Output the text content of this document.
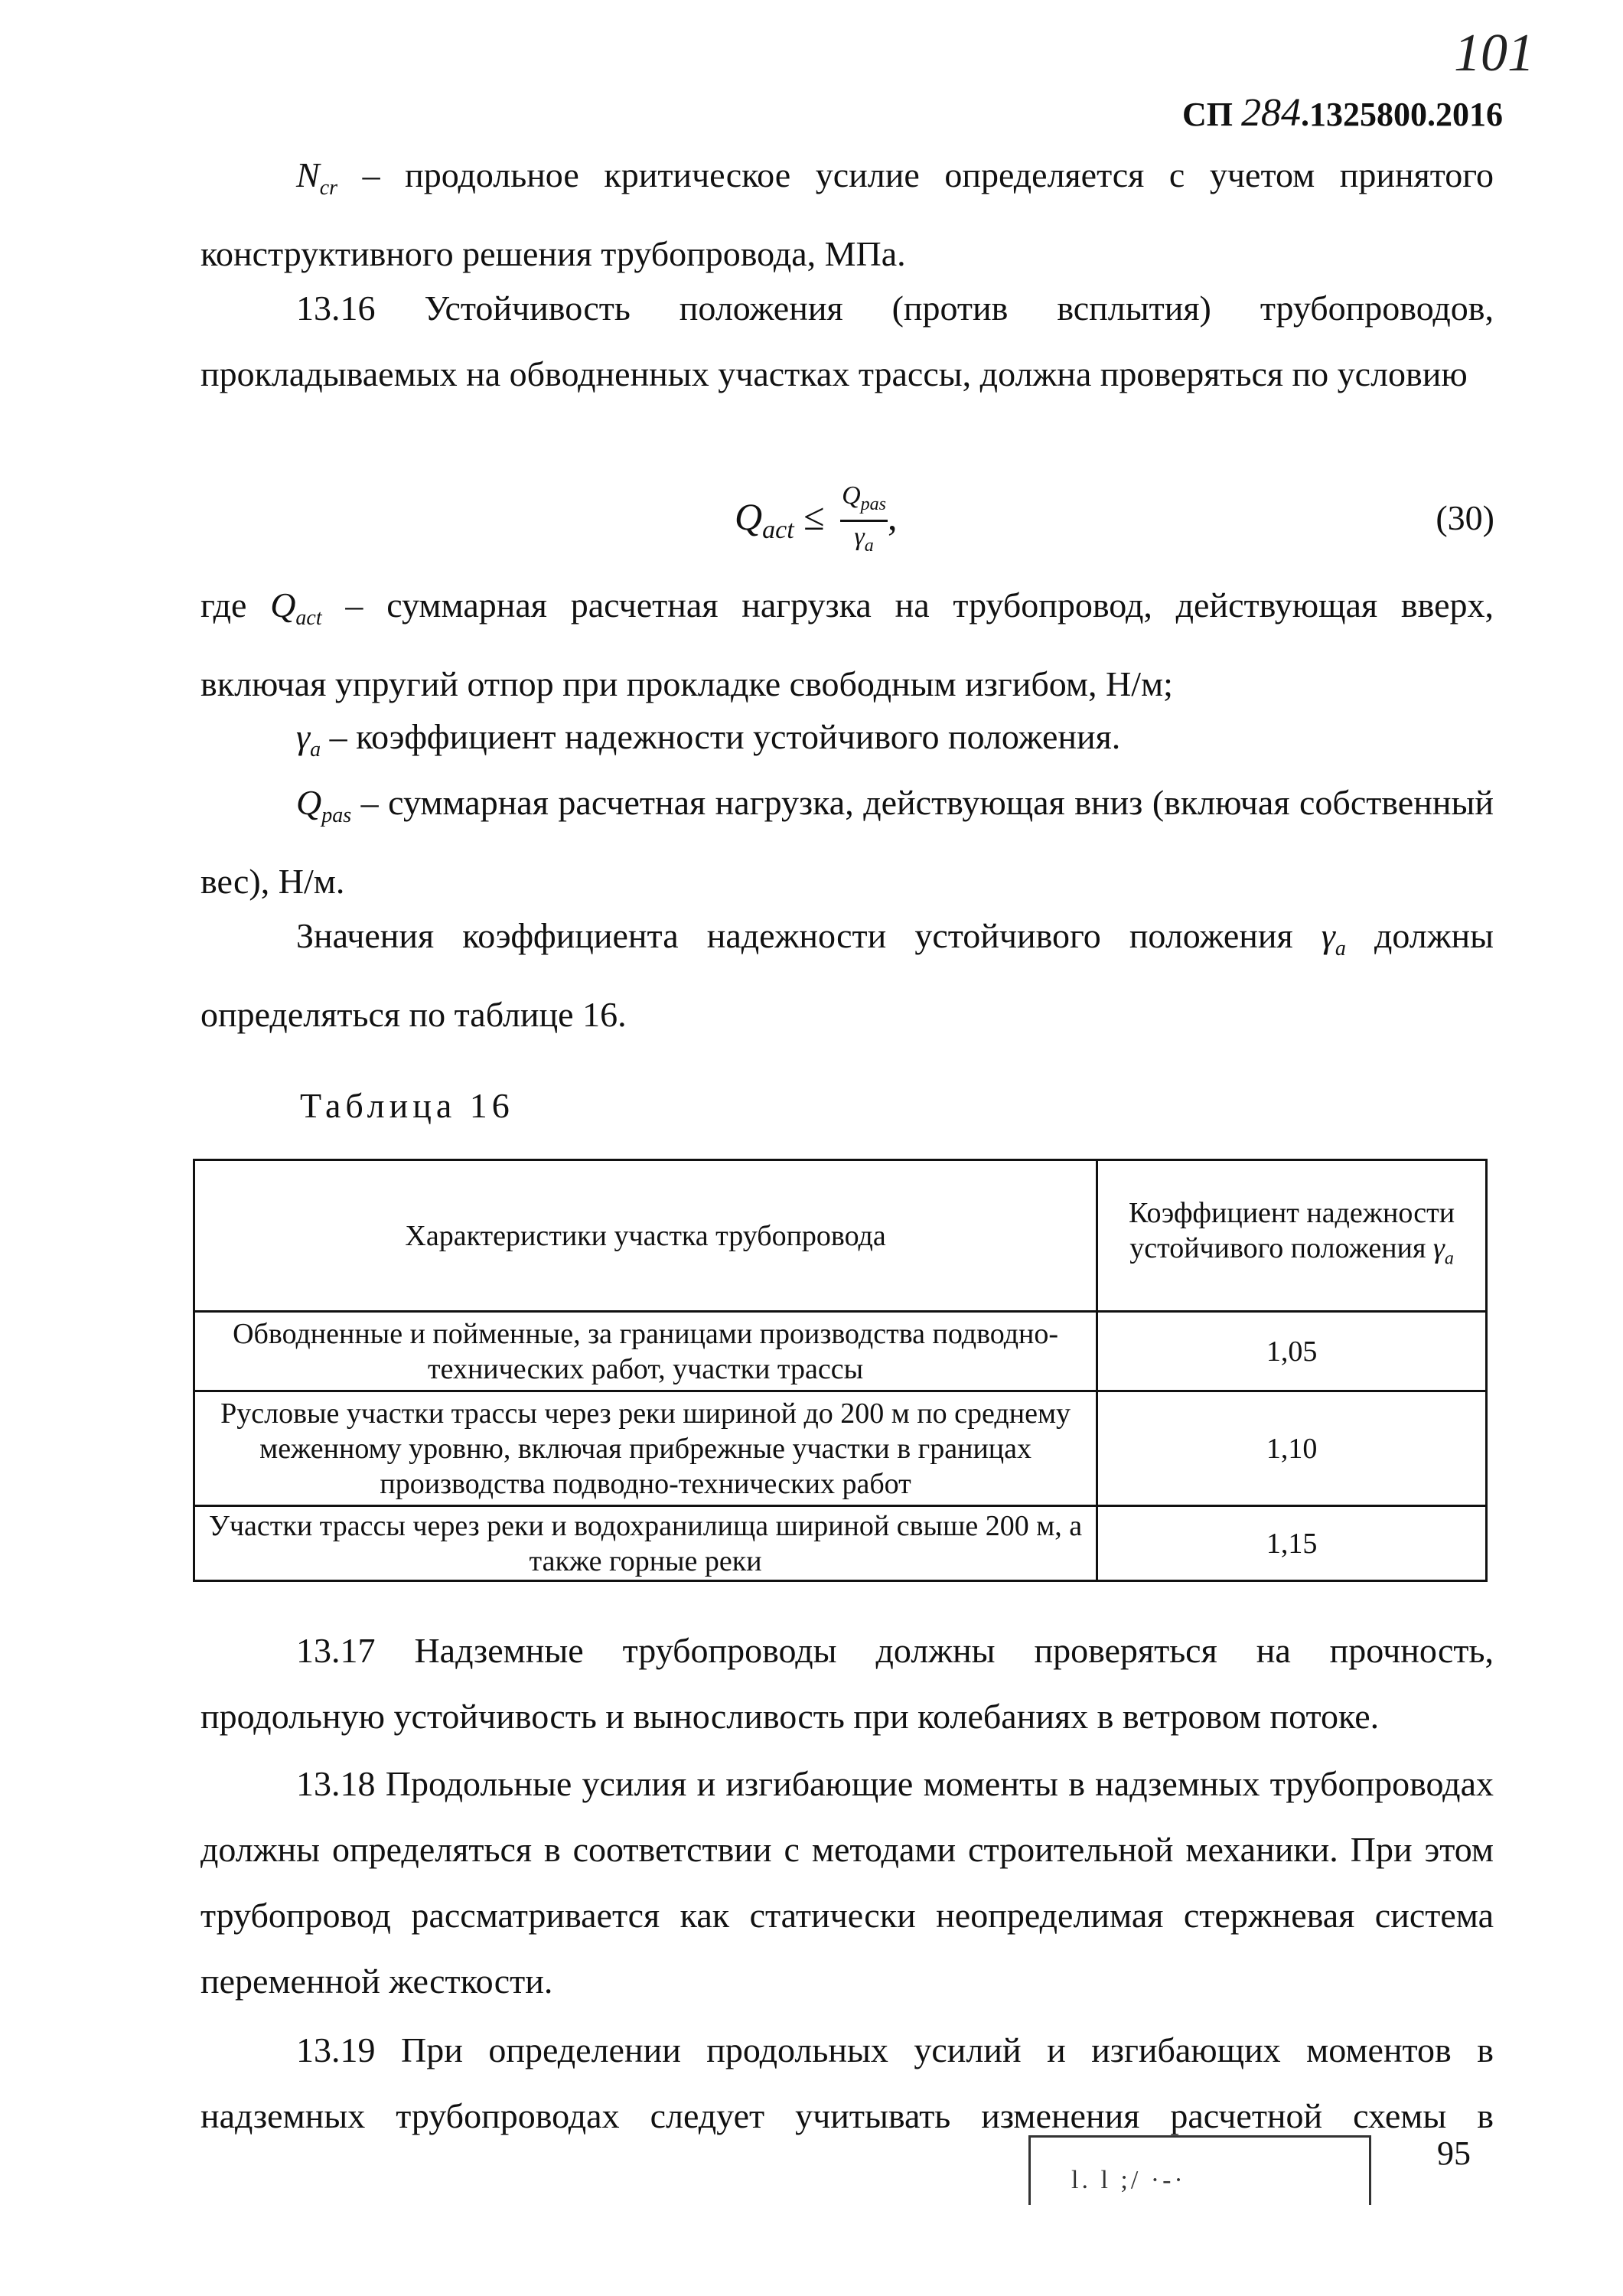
101
СП 284.1325800.2016

$N_{cr}$ – продольное критическое усилие определяется с учетом принятого конструктивного решения трубопровода, МПа.

13.16 Устойчивость положения (против всплытия) трубопроводов, прокладываемых на обводненных участках трассы, должна проверяться по условию

$Q_{act} \le \frac{Q_{pas}}{\gamma_a}$ ,	(30)

где $Q_{act}$ – суммарная расчетная нагрузка на трубопровод, действующая вверх, включая упругий отпор при прокладке свободным изгибом, Н/м;

$\gamma_a$ – коэффициент надежности устойчивого положения.

$Q_{pas}$ – суммарная расчетная нагрузка, действующая вниз (включая собственный вес), Н/м.

Значения коэффициента надежности устойчивого положения $\gamma_a$ должны определяться по таблице 16.

Таблица 16
Характеристики участка трубопровода	Коэффициент надежности устойчивого положения $\gamma_a$
Обводненные и пойменные, за границами производства подводно-технических работ, участки трассы	1,05
Русловые участки трассы через реки шириной до 200 м по среднему меженному уровню, включая прибрежные участки в границах производства подводно-технических работ	1,10
Участки трассы через реки и водохранилища шириной свыше 200 м, а также горные реки	1,15

13.17 Надземные трубопроводы должны проверяться на прочность, продольную устойчивость и выносливость при колебаниях в ветровом потоке.

13.18 Продольные усилия и изгибающие моменты в надземных трубопроводах должны определяться в соответствии с методами строительной механики. При этом трубопровод рассматривается как статически неопределимая стержневая система переменной жесткости.

13.19 При определении продольных усилий и изгибающих моментов в надземных трубопроводах следует учитывать изменения расчетной схемы в

95
l. l ;/ ·-·
